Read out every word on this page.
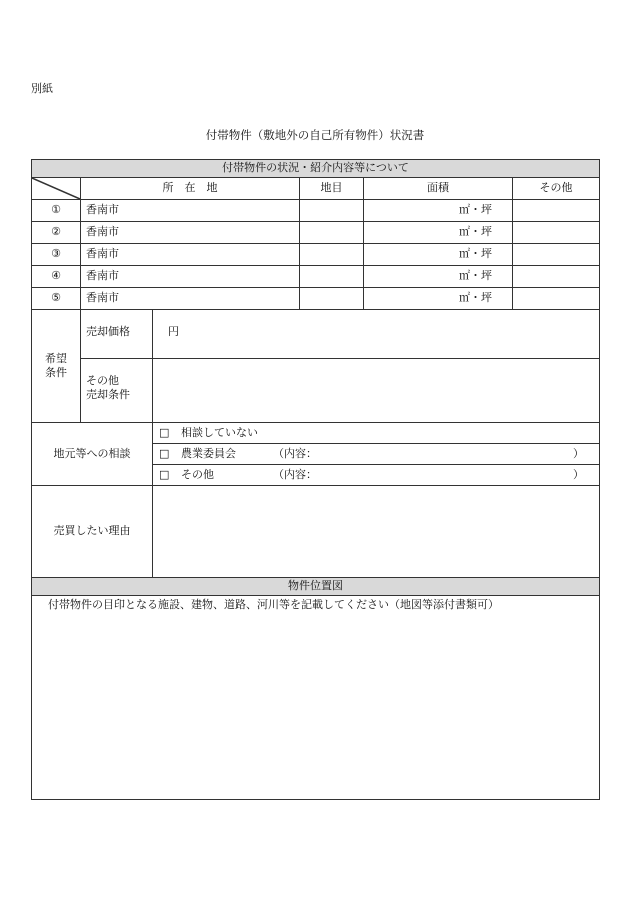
別紙
付帯物件（敷地外の自己所有物件）状況書
付帯物件の状況・紹介内容等について					

	所　在　地		地目	面積	その他
①	香南市			㎡・坪	
②	香南市			㎡・坪	
③	香南市			㎡・坪	
④	香南市			㎡・坪	
⑤	香南市			㎡・坪	
希望
条件	売却価格	円			
	その他
売却条件				
地元等への相談		□ 相談していない			
		□ 農業委員会 （内容： ）			
		□ その他 （内容： ）			
売買したい理由					
物件位置図					
付帯物件の目印となる施設、建物、道路、河川等を記載してください（地図等添付書類可）					
